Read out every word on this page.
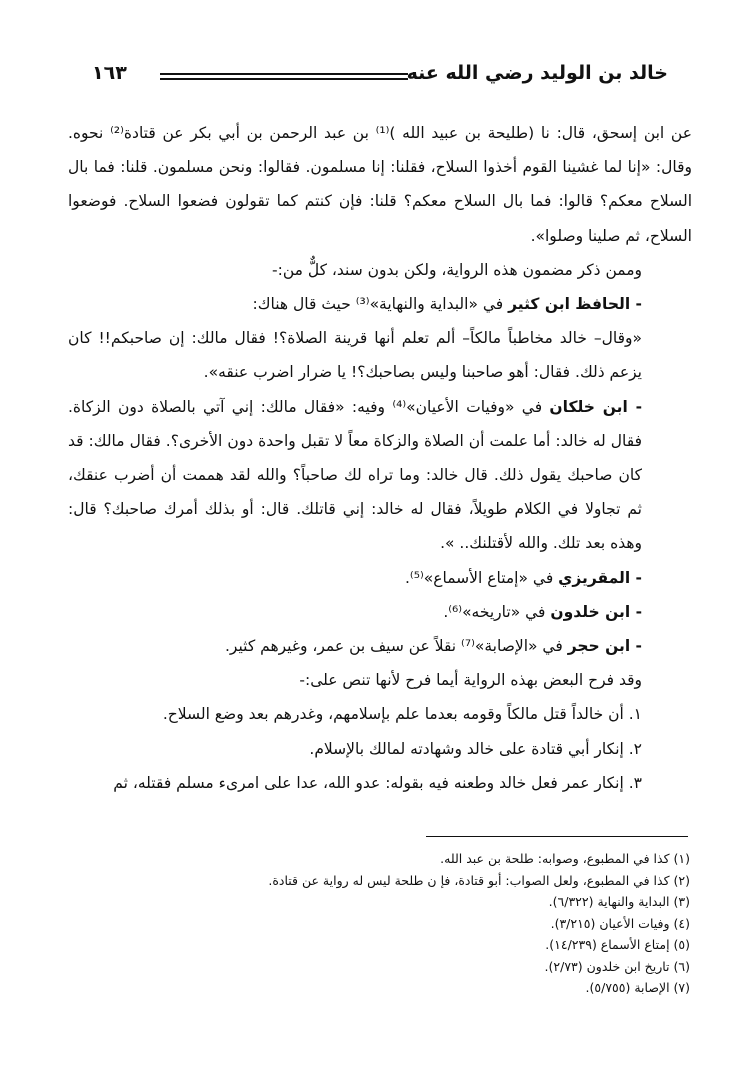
خالد بن الوليد رضي الله عنه
١٦٣

عن ابن إسحق، قال: نا (طليحة بن عبيد الله )⁽¹⁾ بن عبد الرحمن بن أبي بكر عن قتادة⁽²⁾ نحوه. وقال: «إنا لما غشينا القوم أخذوا السلاح، فقلنا: إنا مسلمون. فقالوا: ونحن مسلمون. قلنا: فما بال السلاح معكم؟ قالوا: فما بال السلاح معكم؟ قلنا: فإن كنتم كما تقولون فضعوا السلاح. فوضعوا السلاح، ثم صلينا وصلوا».

وممن ذكر مضمون هذه الرواية، ولكن بدون سند، كلٌّ من:-

- الحافظ ابن كثير في «البداية والنهاية»⁽³⁾ حيث قال هناك:

«وقال– خالد مخاطباً مالكاً– ألم تعلم أنها قرينة الصلاة؟! فقال مالك: إن صاحبكم!! كان يزعم ذلك. فقال: أهو صاحبنا وليس بصاحبك؟! يا ضرار اضرب عنقه».

- ابن خلكان في «وفيات الأعيان»⁽⁴⁾ وفيه: «فقال مالك: إني آتي بالصلاة دون الزكاة. فقال له خالد: أما علمت أن الصلاة والزكاة معاً لا تقبل واحدة دون الأخرى؟. فقال مالك: قد كان صاحبك يقول ذلك. قال خالد: وما تراه لك صاحباً؟ والله لقد هممت أن أضرب عنقك، ثم تجاولا في الكلام طويلاً، فقال له خالد: إني قاتلك. قال: أو بذلك أمرك صاحبك؟ قال: وهذه بعد تلك. والله لأقتلنك.. ».

- المقريزي في «إمتاع الأسماع»⁽⁵⁾.

- ابن خلدون في «تاريخه»⁽⁶⁾.

- ابن حجر في «الإصابة»⁽⁷⁾ نقلاً عن سيف بن عمر، وغيرهم كثير.

وقد فرح البعض بهذه الرواية أيما فرح لأنها تنص على:-

١. أن خالداً قتل مالكاً وقومه بعدما علم بإسلامهم، وغدرهم بعد وضع السلاح.

٢. إنكار أبي قتادة على خالد وشهادته لمالك بالإسلام.

٣. إنكار عمر فعل خالد وطعنه فيه بقوله: عدو الله، عدا على امرىء مسلم فقتله، ثم

(١) كذا في المطبوع، وصوابه: طلحة بن عبد الله.
(٢) كذا في المطبوع، ولعل الصواب: أبو قتادة، فإ ن طلحة ليس له رواية عن قتادة.
(٣) البداية والنهاية (٦/٣٢٢).
(٤) وفيات الأعيان (٣/٢١٥).
(٥) إمتاع الأسماع (١٤/٢٣٩).
(٦) تاريخ ابن خلدون (٢/٧٣).
(٧) الإصابة (٥/٧٥٥).
